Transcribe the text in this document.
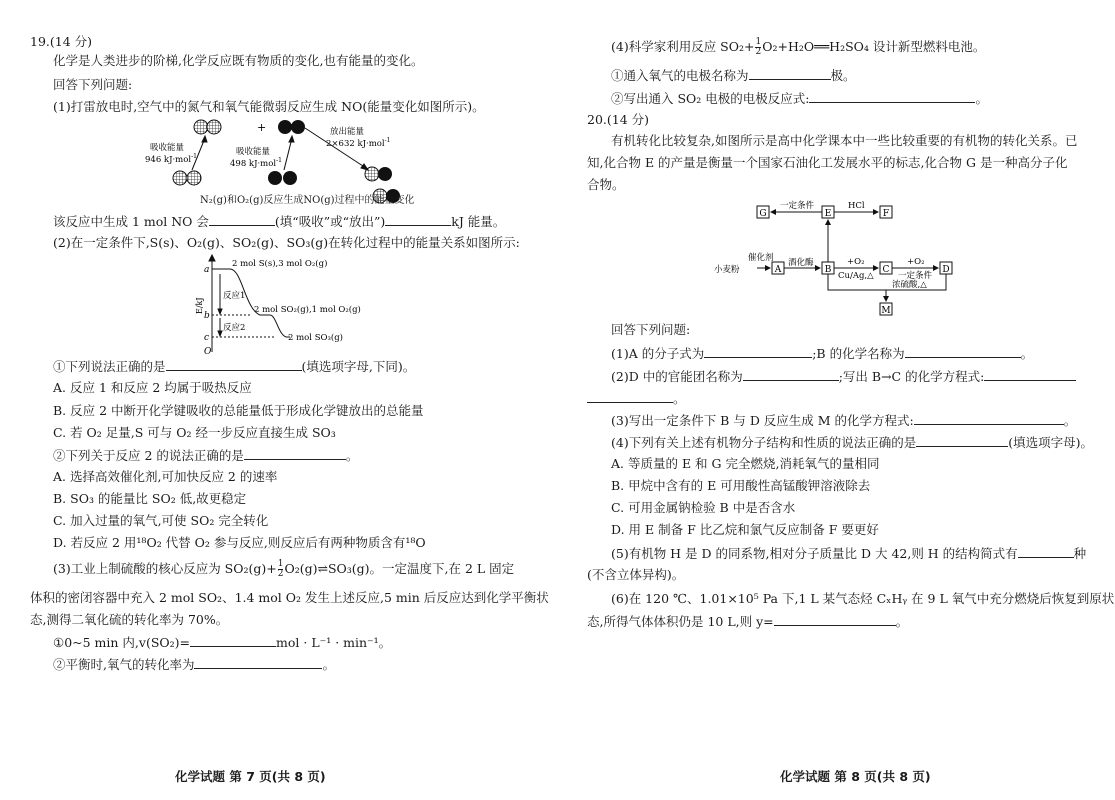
19.(14 分)
化学是人类进步的阶梯,化学反应既有物质的变化,也有能量的变化。
回答下列问题:
(1)打雷放电时,空气中的氮气和氧气能微弱反应生成 NO(能量变化如图所示)。
+
吸收能量
946 kJ·mol$^{-1}$	吸收能量
498 kJ·mol$^{-1}$
放出能量
2×632 kJ·mol$^{-1}$
N₂(g)和O₂(g)反应生成NO(g)过程中的能量变化
该反应中生成 1 mol NO 会	(填“吸收”或“放出”)	kJ 能量。
(2)在一定条件下,S(s)、O₂(g)、SO₂(g)、SO₃(g)在转化过程中的能量关系如图所示:
a
b
c
O
E/kJ
2 mol S(s),3 mol O₂(g)
反应1
2 mol SO₂(g),1 mol O₂(g)
反应2
2 mol SO₃(g)
①下列说法正确的是	(填选项字母,下同)。
A. 反应 1 和反应 2 均属于吸热反应
B. 反应 2 中断开化学键吸收的总能量低于形成化学键放出的总能量
C. 若 O₂ 足量,S 可与 O₂ 经一步反应直接生成 SO₃
②下列关于反应 2 的说法正确的是	。
A. 选择高效催化剂,可加快反应 2 的速率
B. SO₃ 的能量比 SO₂ 低,故更稳定
C. 加入过量的氧气,可使 SO₂ 完全转化
D. 若反应 2 用¹⁸O₂ 代替 O₂ 参与反应,则反应后有两种物质含有¹⁸O
(3)工业上制硫酸的核心反应为 $SO_2(g)+ \frac{1}{2}$ O₂(g)⇌SO₃(g)。一定温度下,在 2 L 固定
体积的密闭容器中充入 2 mol SO₂、1.4 mol O₂ 发生上述反应,5 min 后反应达到化学平衡状
态,测得二氧化硫的转化率为 70%。
①0~5 min 内,v(SO₂)=	mol · L⁻¹ · min⁻¹。
②平衡时,氧气的转化率为	。
化学试题 第 7 页(共 8 页)
(4)科学家利用反应 $SO_2+ \frac{1}{2}$ O₂+H₂O══H₂SO₄ 设计新型燃料电池。
①通入氧气的电极名称为	极。
②写出通入 SO₂ 电极的电极反应式:	。
20.(14 分)
有机转化比较复杂,如图所示是高中化学课本中一些比较重要的有机物的转化关系。已
知,化合物 E 的产量是衡量一个国家石油化工发展水平的标志,化合物 G 是一种高分子化
合物。
G	E	F
A	B	C	D
M
一定条件	HCl
小麦粉
催化剂 酒化酶	+O₂
Cu/Ag,△
+O₂
一定条件
浓硫酸,△
回答下列问题:
(1)A 的分子式为	;B 的化学名称为	。
(2)D 中的官能团名称为	;写出 B→C 的化学方程式:
。
(3)写出一定条件下 B 与 D 反应生成 M 的化学方程式:	。
(4)下列有关上述有机物分子结构和性质的说法正确的是	(填选项字母)。
A. 等质量的 E 和 G 完全燃烧,消耗氧气的量相同
B. 甲烷中含有的 E 可用酸性高锰酸钾溶液除去
C. 可用金属钠检验 B 中是否含水
D. 用 E 制备 F 比乙烷和氯气反应制备 F 要更好
(5)有机物 H 是 D 的同系物,相对分子质量比 D 大 42,则 H 的结构简式有	种
(不含立体异构)。
(6)在 120 ℃、1.01×10⁵ Pa 下,1 L 某气态烃 CₓHᵧ 在 9 L 氧气中充分燃烧后恢复到原状
态,所得气体体积仍是 10 L,则 y=	。
化学试题 第 8 页(共 8 页)
